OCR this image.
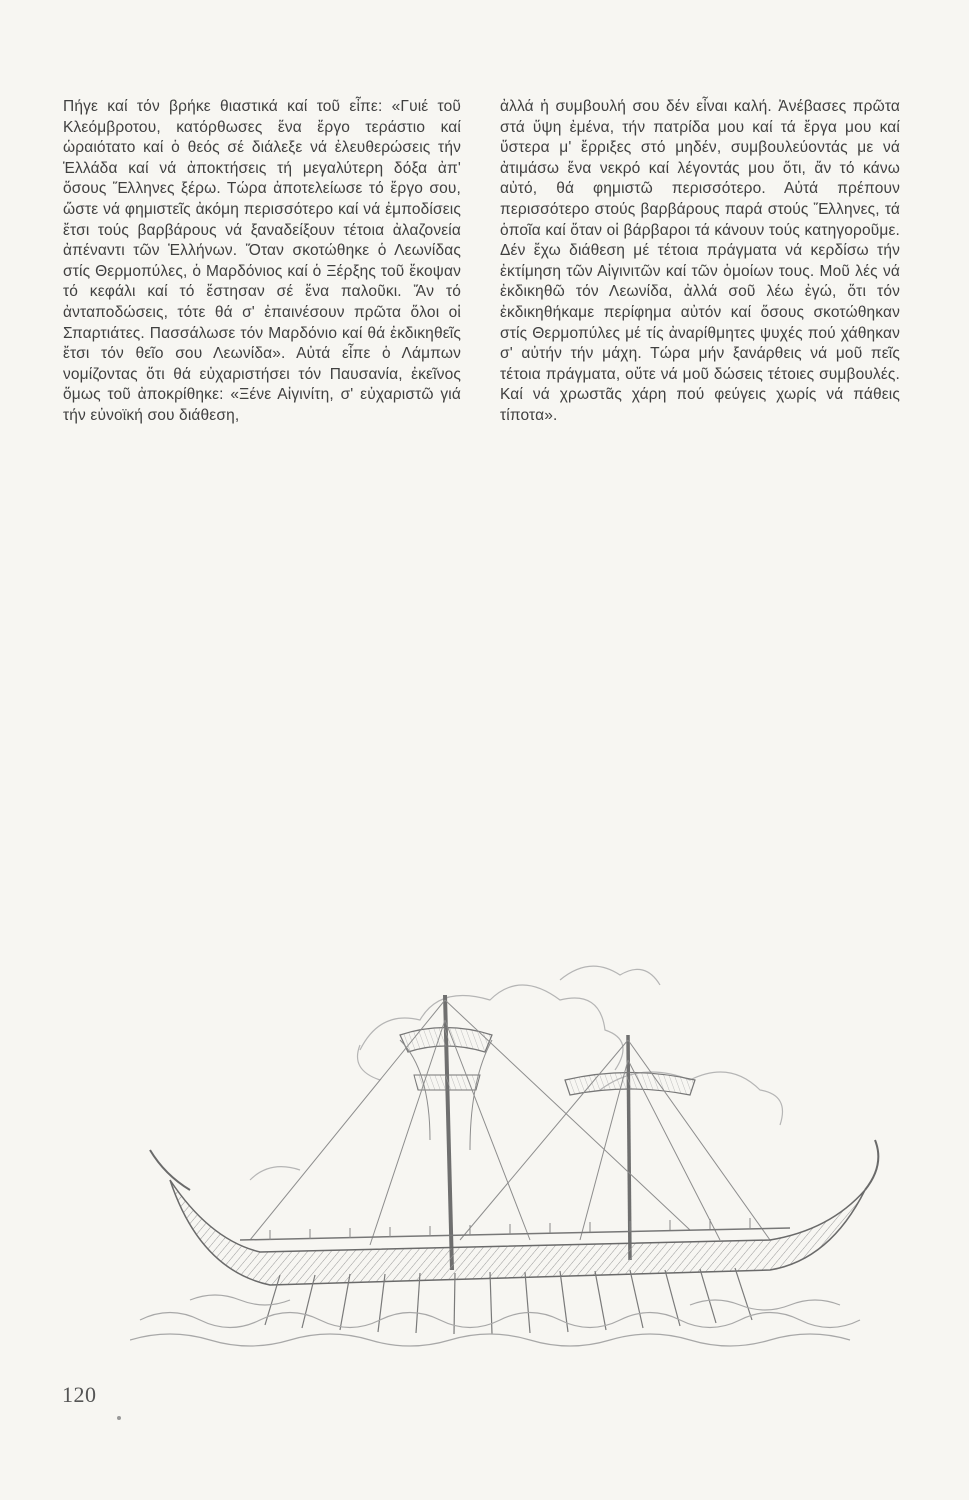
Πήγε καί τόν βρήκε θιαστικά καί τοῦ εἶπε: «Γυιέ τοῦ Κλεόμβροτου, κατόρθωσες ἕνα ἔργο τεράστιο καί ὡραιότατο καί ὁ θεός σέ διάλεξε νά ἐλευθερώσεις τήν Ἑλλάδα καί νά ἀποκτήσεις τή μεγαλύτερη δόξα ἀπ' ὅσους Ἕλληνες ξέρω. Τώρα ἀποτελείωσε τό ἔργο σου, ὥστε νά φημιστεῖς ἀκόμη περισσότερο καί νά ἐμποδίσεις ἔτσι τούς βαρβάρους νά ξαναδείξουν τέτοια ἀλαζονεία ἀπέναντι τῶν Ἑλλήνων. Ὅταν σκοτώθηκε ὁ Λεωνίδας στίς Θερμοπύλες, ὁ Μαρδόνιος καί ὁ Ξέρξης τοῦ ἔκοψαν τό κεφάλι καί τό ἔστησαν σέ ἕνα παλοῦκι. Ἄν τό ἀνταποδώσεις, τότε θά σ' ἐπαινέσουν πρῶτα ὅλοι οἱ Σπαρτιάτες. Πασσάλωσε τόν Μαρδόνιο καί θά ἐκδικηθεῖς ἔτσι τόν θεῖο σου Λεωνίδα». Αὐτά εἶπε ὁ Λάμπων νομίζοντας ὅτι θά εὐχαριστήσει τόν Παυσανία, ἐκεῖνος ὅμως τοῦ ἀποκρίθηκε: «Ξένε Αἰγινίτη, σ' εὐχαριστῶ γιά τήν εὐνοϊκή σου διάθεση,

ἀλλά ἡ συμβουλή σου δέν εἶναι καλή. Ἀνέβασες πρῶτα στά ὕψη ἐμένα, τήν πατρίδα μου καί τά ἔργα μου καί ὕστερα μ' ἔρριξες στό μηδέν, συμβουλεύοντάς με νά ἀτιμάσω ἕνα νεκρό καί λέγοντάς μου ὅτι, ἄν τό κάνω αὐτό, θά φημιστῶ περισσότερο. Αὐτά πρέπουν περισσότερο στούς βαρβάρους παρά στούς Ἕλληνες, τά ὁποῖα καί ὅταν οἱ βάρβαροι τά κάνουν τούς κατηγοροῦμε. Δέν ἔχω διάθεση μέ τέτοια πράγματα νά κερδίσω τήν ἐκτίμηση τῶν Αἰγινιτῶν καί τῶν ὁμοίων τους. Μοῦ λές νά ἐκδικηθῶ τόν Λεωνίδα, ἀλλά σοῦ λέω ἐγώ, ὅτι τόν ἐκδικηθήκαμε περίφημα αὐτόν καί ὅσους σκοτώθηκαν στίς Θερμοπύλες μέ τίς ἀναρίθμητες ψυχές πού χάθηκαν σ' αὐτήν τήν μάχη. Τώρα μήν ξανάρθεις νά μοῦ πεῖς τέτοια πράγματα, οὔτε νά μοῦ δώσεις τέτοιες συμβουλές. Καί νά χρωστᾶς χάρη πού φεύγεις χωρίς νά πάθεις τίποτα».

120
